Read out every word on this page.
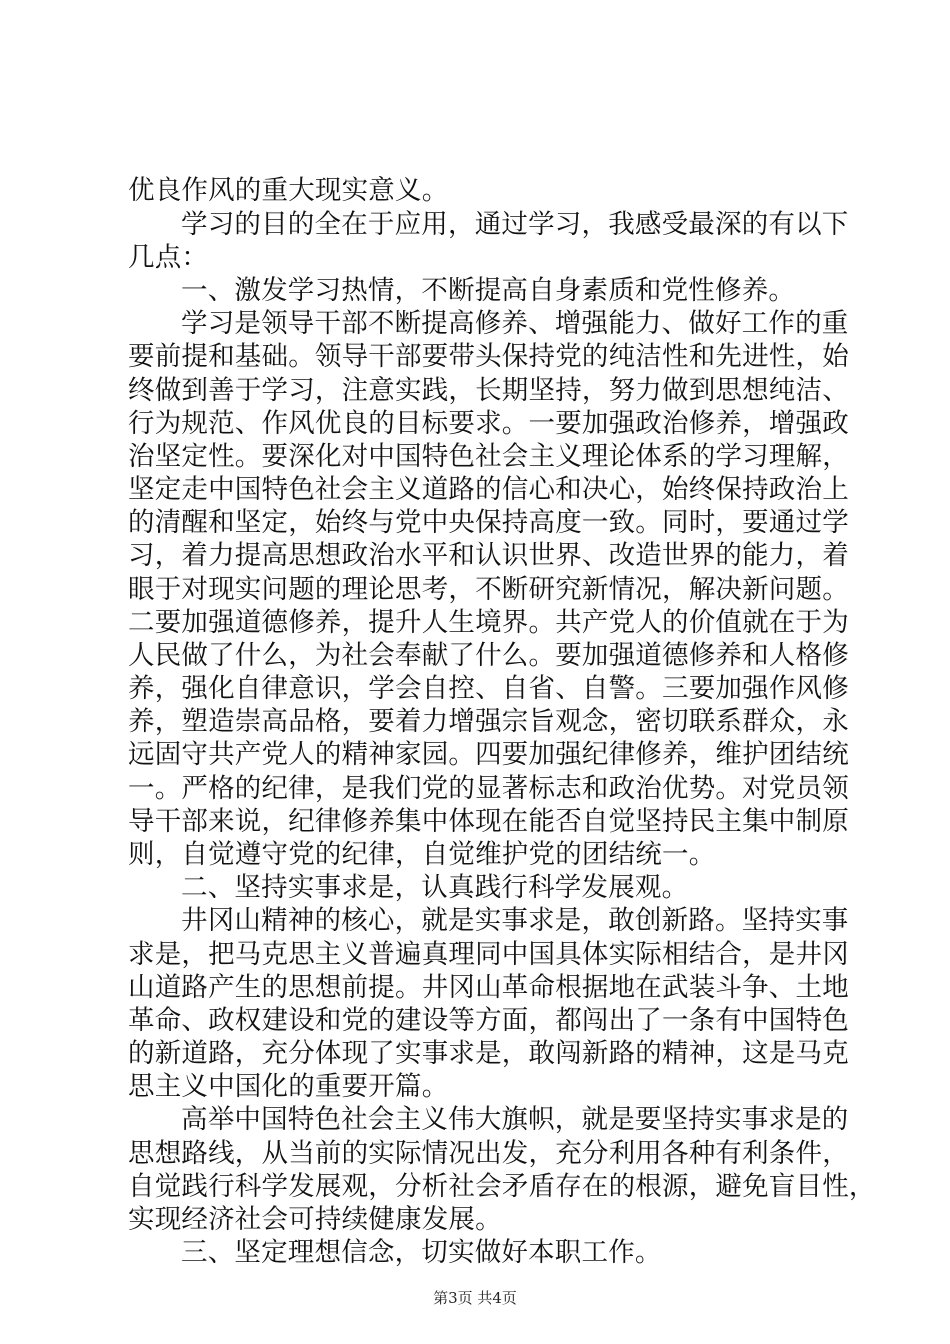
优良作风的重大现实意义。
学习的目的全在于应用，通过学习，我感受最深的有以下
几点：
一、激发学习热情，不断提高自身素质和党性修养。
学习是领导干部不断提高修养、增强能力、做好工作的重
要前提和基础。领导干部要带头保持党的纯洁性和先进性，始
终做到善于学习，注意实践，长期坚持，努力做到思想纯洁、
行为规范、作风优良的目标要求。一要加强政治修养，增强政
治坚定性。要深化对中国特色社会主义理论体系的学习理解，
坚定走中国特色社会主义道路的信心和决心，始终保持政治上
的清醒和坚定，始终与党中央保持高度一致。同时，要通过学
习，着力提高思想政治水平和认识世界、改造世界的能力，着
眼于对现实问题的理论思考，不断研究新情况，解决新问题。
二要加强道德修养，提升人生境界。共产党人的价值就在于为
人民做了什么，为社会奉献了什么。要加强道德修养和人格修
养，强化自律意识，学会自控、自省、自警。三要加强作风修
养，塑造崇高品格，要着力增强宗旨观念，密切联系群众，永
远固守共产党人的精神家园。四要加强纪律修养，维护团结统
一。严格的纪律，是我们党的显著标志和政治优势。对党员领
导干部来说，纪律修养集中体现在能否自觉坚持民主集中制原
则，自觉遵守党的纪律，自觉维护党的团结统一。
二、坚持实事求是，认真践行科学发展观。
井冈山精神的核心，就是实事求是，敢创新路。坚持实事
求是，把马克思主义普遍真理同中国具体实际相结合，是井冈
山道路产生的思想前提。井冈山革命根据地在武装斗争、土地
革命、政权建设和党的建设等方面，都闯出了一条有中国特色
的新道路，充分体现了实事求是，敢闯新路的精神，这是马克
思主义中国化的重要开篇。
高举中国特色社会主义伟大旗帜，就是要坚持实事求是的
思想路线，从当前的实际情况出发，充分利用各种有利条件，
自觉践行科学发展观，分析社会矛盾存在的根源，避免盲目性，
实现经济社会可持续健康发展。
三、坚定理想信念，切实做好本职工作。
第3页 共4页
